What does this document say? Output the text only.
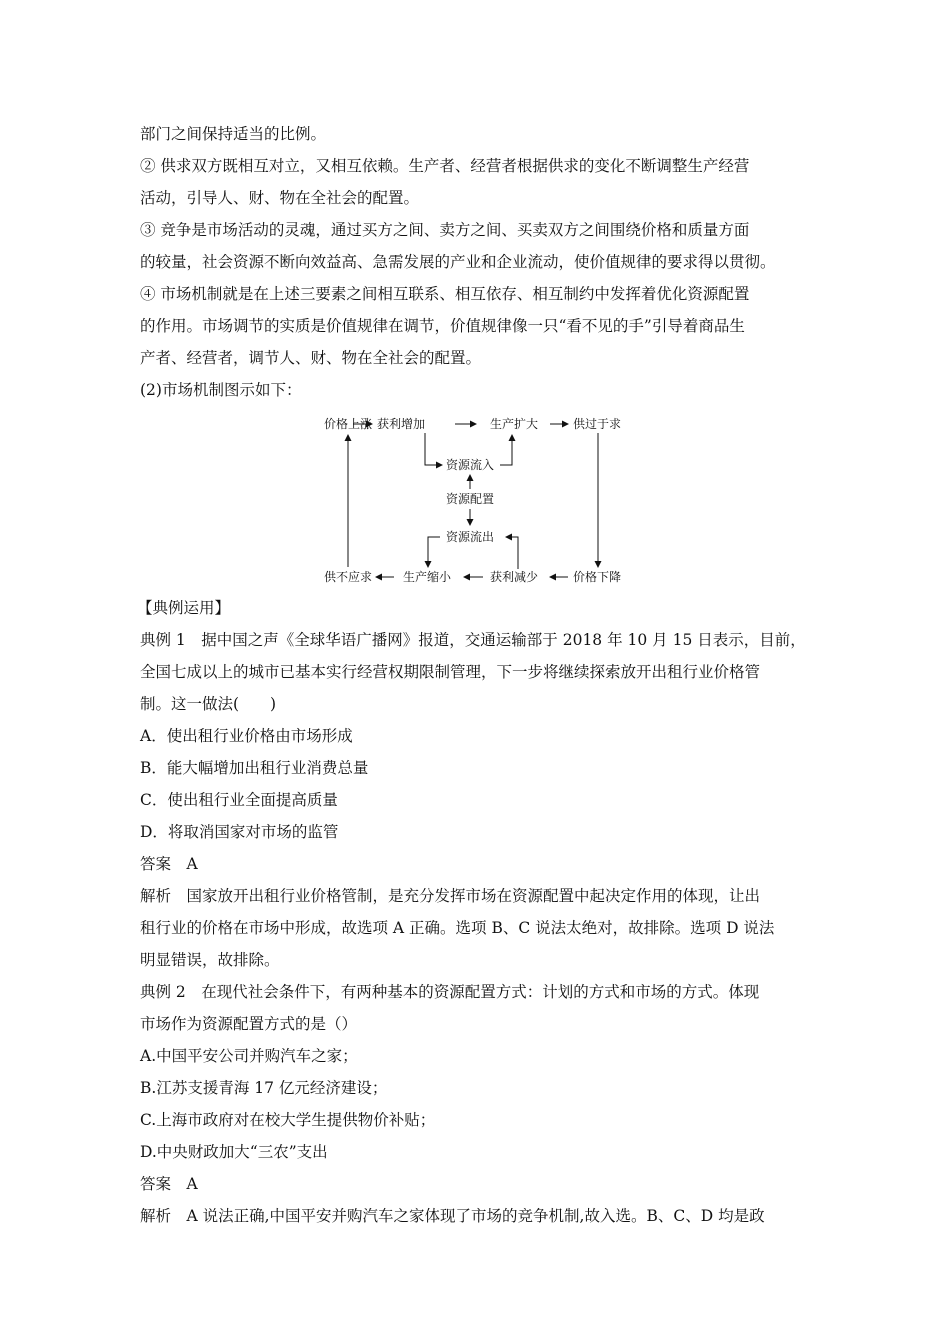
部门之间保持适当的比例。
② 供求双方既相互对立，又相互依赖。生产者、经营者根据供求的变化不断调整生产经营
活动，引导人、财、物在全社会的配置。
③ 竞争是市场活动的灵魂，通过买方之间、卖方之间、买卖双方之间围绕价格和质量方面
的较量，社会资源不断向效益高、急需发展的产业和企业流动，使价值规律的要求得以贯彻。
④ 市场机制就是在上述三要素之间相互联系、相互依存、相互制约中发挥着优化资源配置
的作用。市场调节的实质是价值规律在调节，价值规律像一只“看不见的手”引导着商品生
产者、经营者，调节人、财、物在全社会的配置。
(2)市场机制图示如下：
价格上涨 获利增加	生产扩大	供过于求
资源流入
资源配置
资源流出
供不应求	生产缩小	获利减少	价格下降
【典例运用】
典例 1　据中国之声《全球华语广播网》报道，交通运输部于 2018 年 10 月 15 日表示，目前，
全国七成以上的城市已基本实行经营权期限制管理，下一步将继续探索放开出租行业价格管
制。这一做法(　　)
A．使出租行业价格由市场形成
B．能大幅增加出租行业消费总量
C．使出租行业全面提高质量
D．将取消国家对市场的监管
答案　A
解析　国家放开出租行业价格管制，是充分发挥市场在资源配置中起决定作用的体现，让出
租行业的价格在市场中形成，故选项 A 正确。选项 B、C 说法太绝对，故排除。选项 D 说法
明显错误，故排除。
典例 2　在现代社会条件下，有两种基本的资源配置方式：计划的方式和市场的方式。体现
市场作为资源配置方式的是（）
A.中国平安公司并购汽车之家；
B.江苏支援青海 17 亿元经济建设；
C.上海市政府对在校大学生提供物价补贴；
D.中央财政加大“三农”支出
答案　A
解析　A 说法正确,中国平安并购汽车之家体现了市场的竞争机制,故入选。B、C、D 均是政
